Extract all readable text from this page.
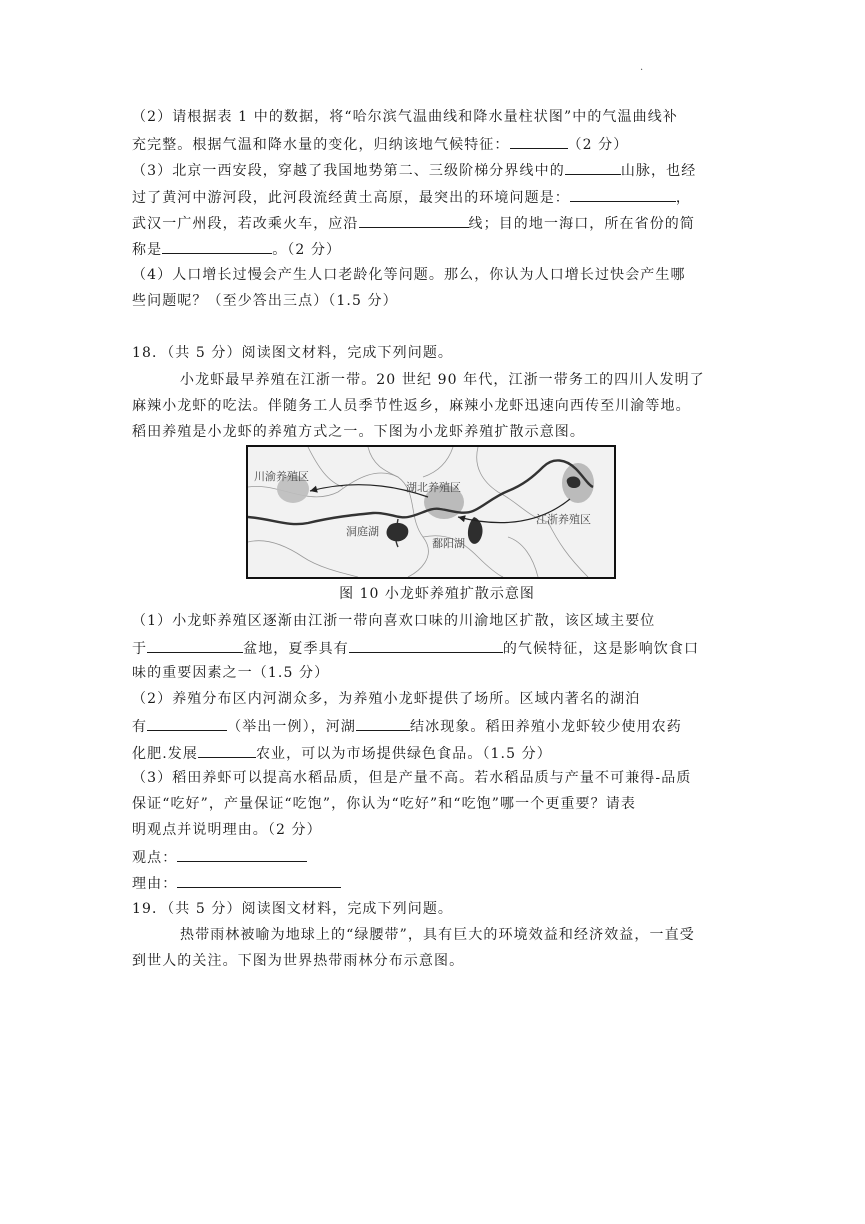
.
（2）请根据表 1 中的数据，将“哈尔滨气温曲线和降水量柱状图”中的气温曲线补
充完整。根据气温和降水量的变化，归纳该地气候特征：	（2 分）
（3）北京一西安段，穿越了我国地势第二、三级阶梯分界线中的	山脉，也经
过了黄河中游河段，此河段流经黄土高原，最突出的环境问题是：	，
武汉一广州段，若改乘火车，应沿	线；目的地一海口，所在省份的简
称是	。（2 分）
（4）人口增长过慢会产生人口老龄化等问题。那么，你认为人口增长过快会产生哪
些问题呢？（至少答出三点）（1.5 分）
18．（共 5 分）阅读图文材料，完成下列问题。
小龙虾最早养殖在江浙一带。20 世纪 90 年代，江浙一带务工的四川人发明了
麻辣小龙虾的吃法。伴随务工人员季节性返乡，麻辣小龙虾迅速向西传至川渝等地。
稻田养殖是小龙虾的养殖方式之一。下图为小龙虾养殖扩散示意图。
川渝养殖区
湖北养殖区
洞庭湖
鄱阳湖
江浙养殖区
图 10 小龙虾养殖扩散示意图
（1）小龙虾养殖区逐渐由江浙一带向喜欢口味的川渝地区扩散，该区域主要位
于	盆地，夏季具有	的气候特征，这是影响饮食口
味的重要因素之一（1.5 分）
（2）养殖分布区内河湖众多，为养殖小龙虾提供了场所。区域内著名的湖泊
有	（举出一例），河湖	结冰现象。稻田养殖小龙虾较少使用农药
化肥.发展	农业，可以为市场提供绿色食品。（1.5 分）
（3）稻田养虾可以提高水稻品质，但是产量不高。若水稻品质与产量不可兼得-品质
保证“吃好”，产量保证“吃饱”，你认为“吃好”和“吃饱”哪一个更重要？请表
明观点并说明理由。（2 分）
观点：
理由：
19．（共 5 分）阅读图文材料，完成下列问题。
热带雨林被喻为地球上的“绿腰带”，具有巨大的环境效益和经济效益，一直受
到世人的关注。下图为世界热带雨林分布示意图。
